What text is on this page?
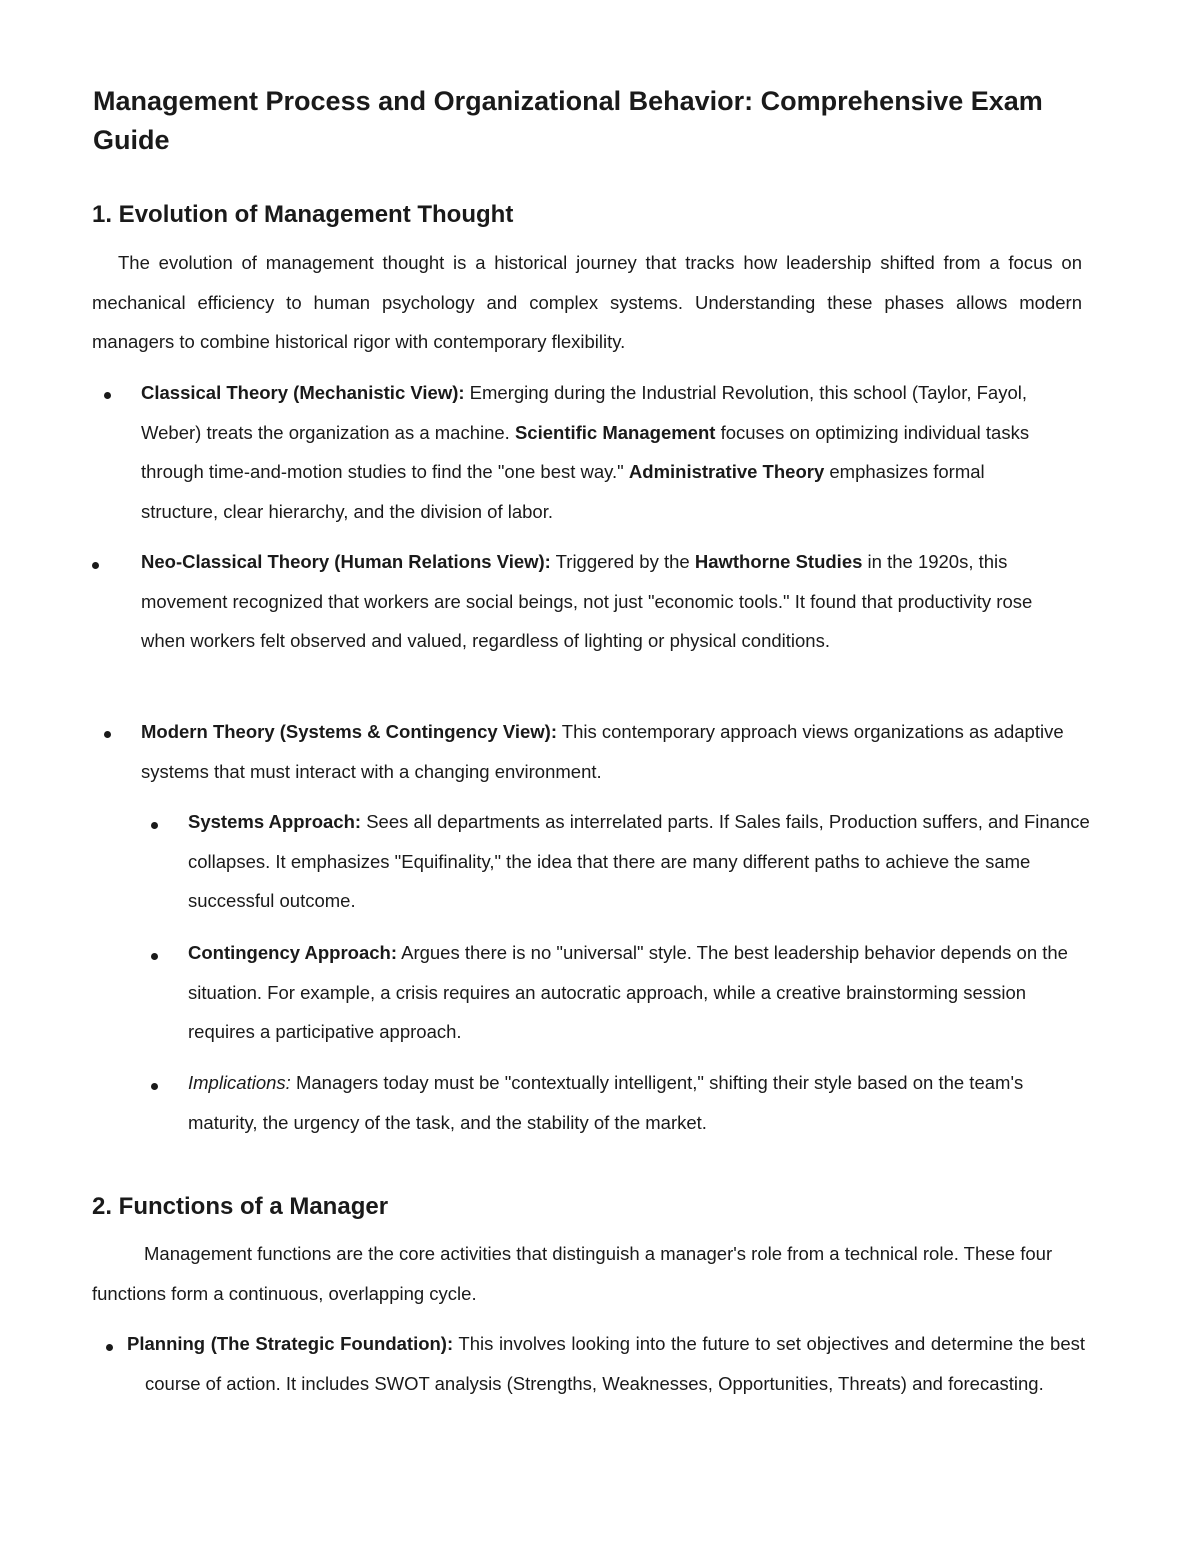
Management Process and Organizational Behavior: Comprehensive Exam Guide
1. Evolution of Management Thought

The evolution of management thought is a historical journey that tracks how leadership shifted from a focus on mechanical efficiency to human psychology and complex systems. Understanding these phases allows modern managers to combine historical rigor with contemporary flexibility.

Classical Theory (Mechanistic View): Emerging during the Industrial Revolution, this school (Taylor, Fayol, Weber) treats the organization as a machine. Scientific Management focuses on optimizing individual tasks through time-and-motion studies to find the "one best way." Administrative Theory emphasizes formal structure, clear hierarchy, and the division of labor.

Neo-Classical Theory (Human Relations View): Triggered by the Hawthorne Studies in the 1920s, this movement recognized that workers are social beings, not just "economic tools." It found that productivity rose when workers felt observed and valued, regardless of lighting or physical conditions.

Modern Theory (Systems & Contingency View): This contemporary approach views organizations as adaptive systems that must interact with a changing environment.

Systems Approach: Sees all departments as interrelated parts. If Sales fails, Production suffers, and Finance collapses. It emphasizes "Equifinality," the idea that there are many different paths to achieve the same successful outcome.

Contingency Approach: Argues there is no "universal" style. The best leadership behavior depends on the situation. For example, a crisis requires an autocratic approach, while a creative brainstorming session requires a participative approach.

Implications: Managers today must be "contextually intelligent," shifting their style based on the team's maturity, the urgency of the task, and the stability of the market.

2. Functions of a Manager

Management functions are the core activities that distinguish a manager's role from a technical role. These four functions form a continuous, overlapping cycle.

Planning (The Strategic Foundation): This involves looking into the future to set objectives and determine the best course of action. It includes SWOT analysis (Strengths, Weaknesses, Opportunities, Threats) and forecasting.
